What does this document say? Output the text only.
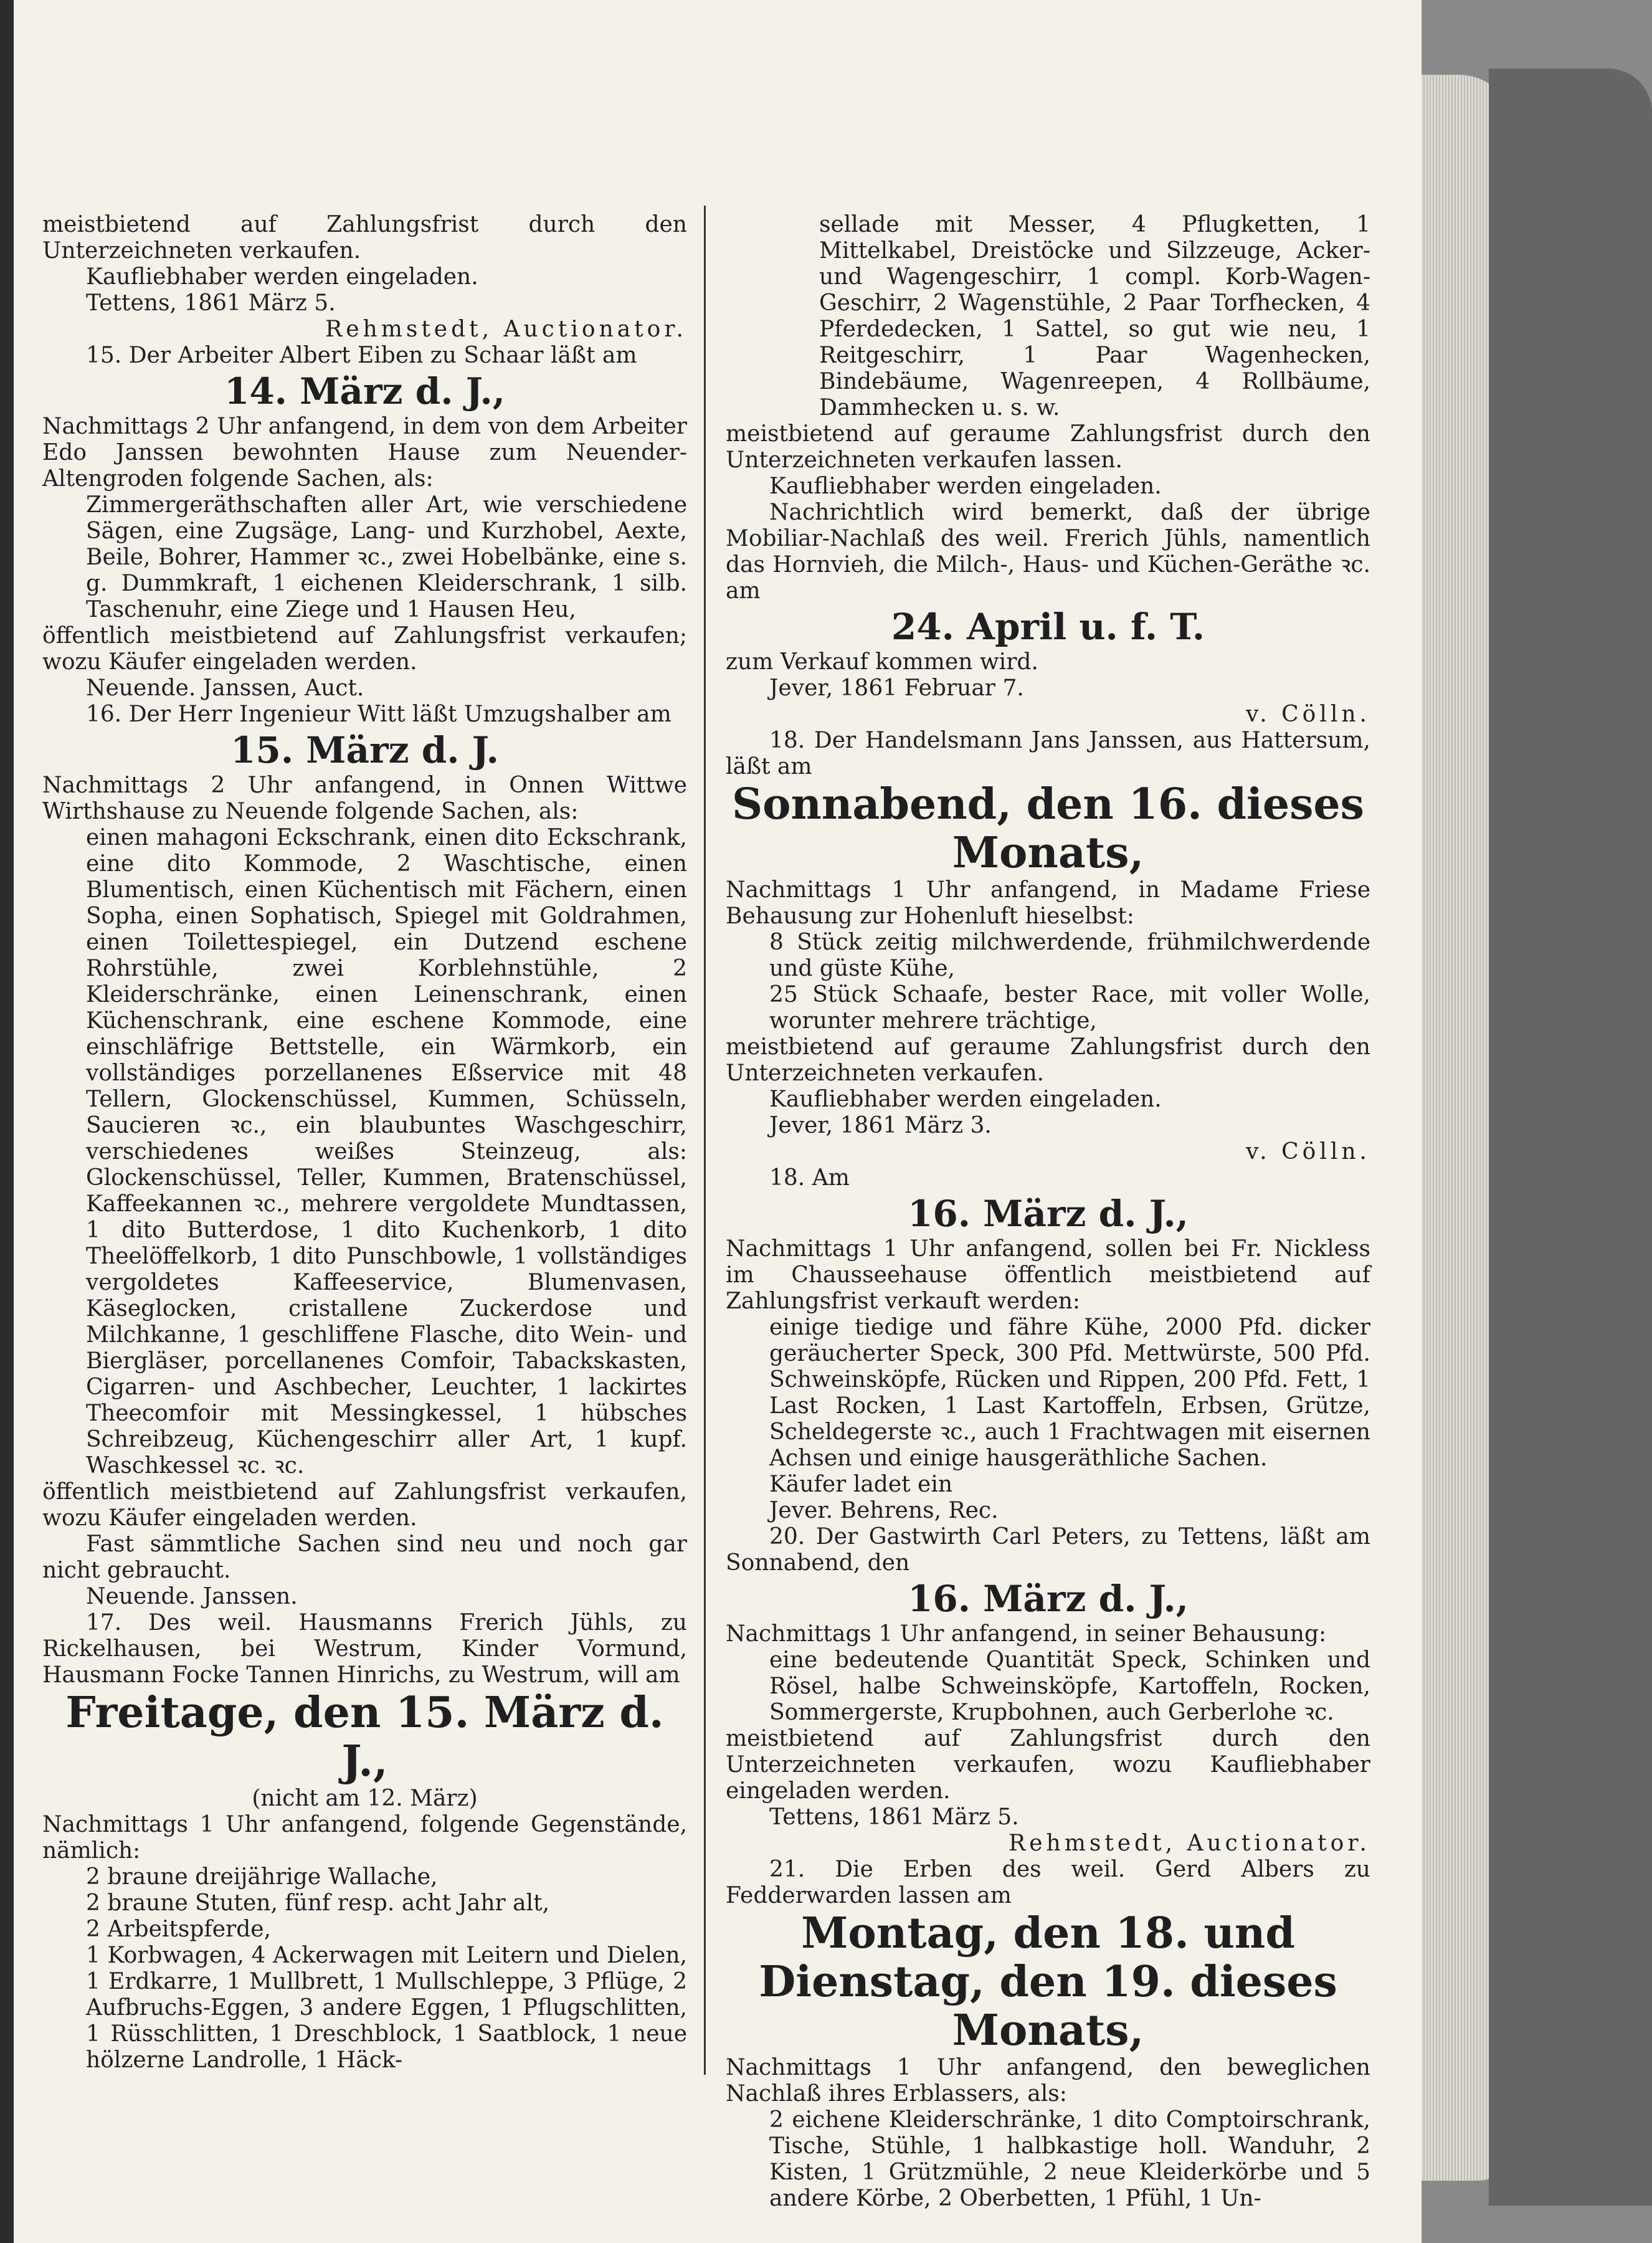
meistbietend auf Zahlungsfrist durch den Unterzeichneten verkaufen.

Kaufliebhaber werden eingeladen.

Tettens, 1861 März 5.

Rehmstedt, Auctionator.

15. Der Arbeiter Albert Eiben zu Schaar läßt am

14. März d. J.,

Nachmittags 2 Uhr anfangend, in dem von dem Arbeiter Edo Janssen bewohnten Hause zum Neuender-Altengroden folgende Sachen, als:

Zimmergeräthschaften aller Art, wie verschiedene Sägen, eine Zugsäge, Lang- und Kurzhobel, Aexte, Beile, Bohrer, Hammer ꝛc., zwei Hobelbänke, eine s. g. Dummkraft, 1 eichenen Kleiderschrank, 1 silb. Taschenuhr, eine Ziege und 1 Hausen Heu,

öffentlich meistbietend auf Zahlungsfrist verkaufen; wozu Käufer eingeladen werden.

Neuende. Janssen, Auct.

16. Der Herr Ingenieur Witt läßt Umzugshalber am

15. März d. J.

Nachmittags 2 Uhr anfangend, in Onnen Wittwe Wirthshause zu Neuende folgende Sachen, als:

einen mahagoni Eckschrank, einen dito Eckschrank, eine dito Kommode, 2 Waschtische, einen Blumentisch, einen Küchentisch mit Fächern, einen Sopha, einen Sophatisch, Spiegel mit Goldrahmen, einen Toilettespiegel, ein Dutzend eschene Rohrstühle, zwei Korblehnstühle, 2 Kleiderschränke, einen Leinenschrank, einen Küchenschrank, eine eschene Kommode, eine einschläfrige Bettstelle, ein Wärmkorb, ein vollständiges porzellanenes Eßservice mit 48 Tellern, Glockenschüssel, Kummen, Schüsseln, Saucieren ꝛc., ein blaubuntes Waschgeschirr, verschiedenes weißes Steinzeug, als: Glockenschüssel, Teller, Kummen, Bratenschüssel, Kaffeekannen ꝛc., mehrere vergoldete Mundtassen, 1 dito Butterdose, 1 dito Kuchenkorb, 1 dito Theelöffelkorb, 1 dito Punschbowle, 1 vollständiges vergoldetes Kaffeeservice, Blumenvasen, Käseglocken, cristallene Zuckerdose und Milchkanne, 1 geschliffene Flasche, dito Wein- und Biergläser, porcellanenes Comfoir, Tabackskasten, Cigarren- und Aschbecher, Leuchter, 1 lackirtes Theecomfoir mit Messingkessel, 1 hübsches Schreibzeug, Küchengeschirr aller Art, 1 kupf. Waschkessel ꝛc. ꝛc.

öffentlich meistbietend auf Zahlungsfrist verkaufen, wozu Käufer eingeladen werden.

Fast sämmtliche Sachen sind neu und noch gar nicht gebraucht.

Neuende. Janssen.

17. Des weil. Hausmanns Frerich Jühls, zu Rickelhausen, bei Westrum, Kinder Vormund, Hausmann Focke Tannen Hinrichs, zu Westrum, will am

Freitage, den 15. März d. J.,

(nicht am 12. März)

Nachmittags 1 Uhr anfangend, folgende Gegenstände, nämlich:

2 braune dreijährige Wallache,

2 braune Stuten, fünf resp. acht Jahr alt,

2 Arbeitspferde,

1 Korbwagen, 4 Ackerwagen mit Leitern und Dielen, 1 Erdkarre, 1 Mullbrett, 1 Mullschleppe, 3 Pflüge, 2 Aufbruchs-Eggen, 3 andere Eggen, 1 Pflugschlitten, 1 Rüsschlitten, 1 Dreschblock, 1 Saatblock, 1 neue hölzerne Landrolle, 1 Häck-

sellade mit Messer, 4 Pflugketten, 1 Mittelkabel, Dreistöcke und Silzzeuge, Acker- und Wagengeschirr, 1 compl. Korb-Wagen-Geschirr, 2 Wagenstühle, 2 Paar Torfhecken, 4 Pferdedecken, 1 Sattel, so gut wie neu, 1 Reitgeschirr, 1 Paar Wagenhecken, Bindebäume, Wagenreepen, 4 Rollbäume, Dammhecken u. s. w.

meistbietend auf geraume Zahlungsfrist durch den Unterzeichneten verkaufen lassen.

Kaufliebhaber werden eingeladen.

Nachrichtlich wird bemerkt, daß der übrige Mobiliar-Nachlaß des weil. Frerich Jühls, namentlich das Hornvieh, die Milch-, Haus- und Küchen-Geräthe ꝛc. am

24. April u. f. T.

zum Verkauf kommen wird.

Jever, 1861 Februar 7.

v. Cölln.

18. Der Handelsmann Jans Janssen, aus Hattersum, läßt am

Sonnabend, den 16. dieses Monats,

Nachmittags 1 Uhr anfangend, in Madame Friese Behausung zur Hohenluft hieselbst:

8 Stück zeitig milchwerdende, frühmilchwerdende und güste Kühe,

25 Stück Schaafe, bester Race, mit voller Wolle, worunter mehrere trächtige,

meistbietend auf geraume Zahlungsfrist durch den Unterzeichneten verkaufen.

Kaufliebhaber werden eingeladen.

Jever, 1861 März 3.

v. Cölln.

18. Am

16. März d. J.,

Nachmittags 1 Uhr anfangend, sollen bei Fr. Nickless im Chausseehause öffentlich meistbietend auf Zahlungsfrist verkauft werden:

einige tiedige und fähre Kühe, 2000 Pfd. dicker geräucherter Speck, 300 Pfd. Mettwürste, 500 Pfd. Schweinsköpfe, Rücken und Rippen, 200 Pfd. Fett, 1 Last Rocken, 1 Last Kartoffeln, Erbsen, Grütze, Scheldegerste ꝛc., auch 1 Frachtwagen mit eisernen Achsen und einige hausgeräthliche Sachen.

Käufer ladet ein

Jever. Behrens, Rec.

20. Der Gastwirth Carl Peters, zu Tettens, läßt am Sonnabend, den

16. März d. J.,

Nachmittags 1 Uhr anfangend, in seiner Behausung:

eine bedeutende Quantität Speck, Schinken und Rösel, halbe Schweinsköpfe, Kartoffeln, Rocken, Sommergerste, Krupbohnen, auch Gerberlohe ꝛc.

meistbietend auf Zahlungsfrist durch den Unterzeichneten verkaufen, wozu Kaufliebhaber eingeladen werden.

Tettens, 1861 März 5.

Rehmstedt, Auctionator.

21. Die Erben des weil. Gerd Albers zu Fedderwarden lassen am

Montag, den 18. und Dienstag, den 19. dieses Monats,

Nachmittags 1 Uhr anfangend, den beweglichen Nachlaß ihres Erblassers, als:

2 eichene Kleiderschränke, 1 dito Comptoirschrank, Tische, Stühle, 1 halbkastige holl. Wanduhr, 2 Kisten, 1 Grützmühle, 2 neue Kleiderkörbe und 5 andere Körbe, 2 Oberbetten, 1 Pfühl, 1 Un-
